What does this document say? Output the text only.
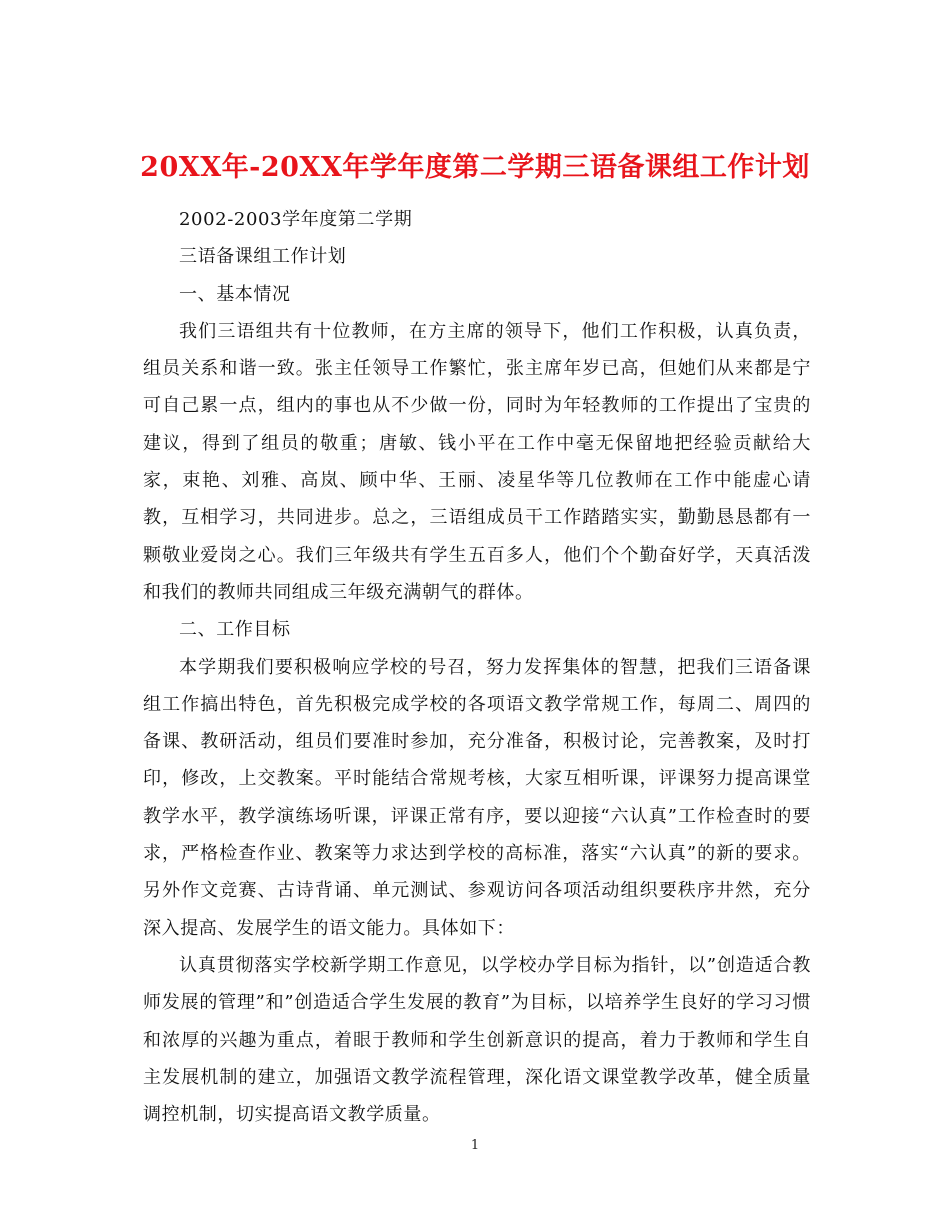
20XX年-20XX年学年度第二学期三语备课组工作计划

2002-2003学年度第二学期

三语备课组工作计划

一、基本情况

我们三语组共有十位教师，在方主席的领导下，他们工作积极，认真负责，组员关系和谐一致。张主任领导工作繁忙，张主席年岁已高，但她们从来都是宁可自己累一点，组内的事也从不少做一份，同时为年轻教师的工作提出了宝贵的建议，得到了组员的敬重；唐敏、钱小平在工作中毫无保留地把经验贡献给大家，束艳、刘雅、高岚、顾中华、王丽、凌星华等几位教师在工作中能虚心请教，互相学习，共同进步。总之，三语组成员干工作踏踏实实，勤勤恳恳都有一颗敬业爱岗之心。我们三年级共有学生五百多人，他们个个勤奋好学，天真活泼和我们的教师共同组成三年级充满朝气的群体。

二、工作目标

本学期我们要积极响应学校的号召，努力发挥集体的智慧，把我们三语备课组工作搞出特色，首先积极完成学校的各项语文教学常规工作，每周二、周四的备课、教研活动，组员们要准时参加，充分准备，积极讨论，完善教案，及时打印，修改，上交教案。平时能结合常规考核，大家互相听课，评课努力提高课堂教学水平，教学演练场听课，评课正常有序，要以迎接“六认真”工作检查时的要求，严格检查作业、教案等力求达到学校的高标准，落实“六认真”的新的要求。另外作文竞赛、古诗背诵、单元测试、参观访问各项活动组织要秩序井然，充分深入提高、发展学生的语文能力。具体如下：

认真贯彻落实学校新学期工作意见，以学校办学目标为指针，以”创造适合教师发展的管理”和”创造适合学生发展的教育”为目标，以培养学生良好的学习习惯和浓厚的兴趣为重点，着眼于教师和学生创新意识的提高，着力于教师和学生自主发展机制的建立，加强语文教学流程管理，深化语文课堂教学改革，健全质量调控机制，切实提高语文教学质量。

1
